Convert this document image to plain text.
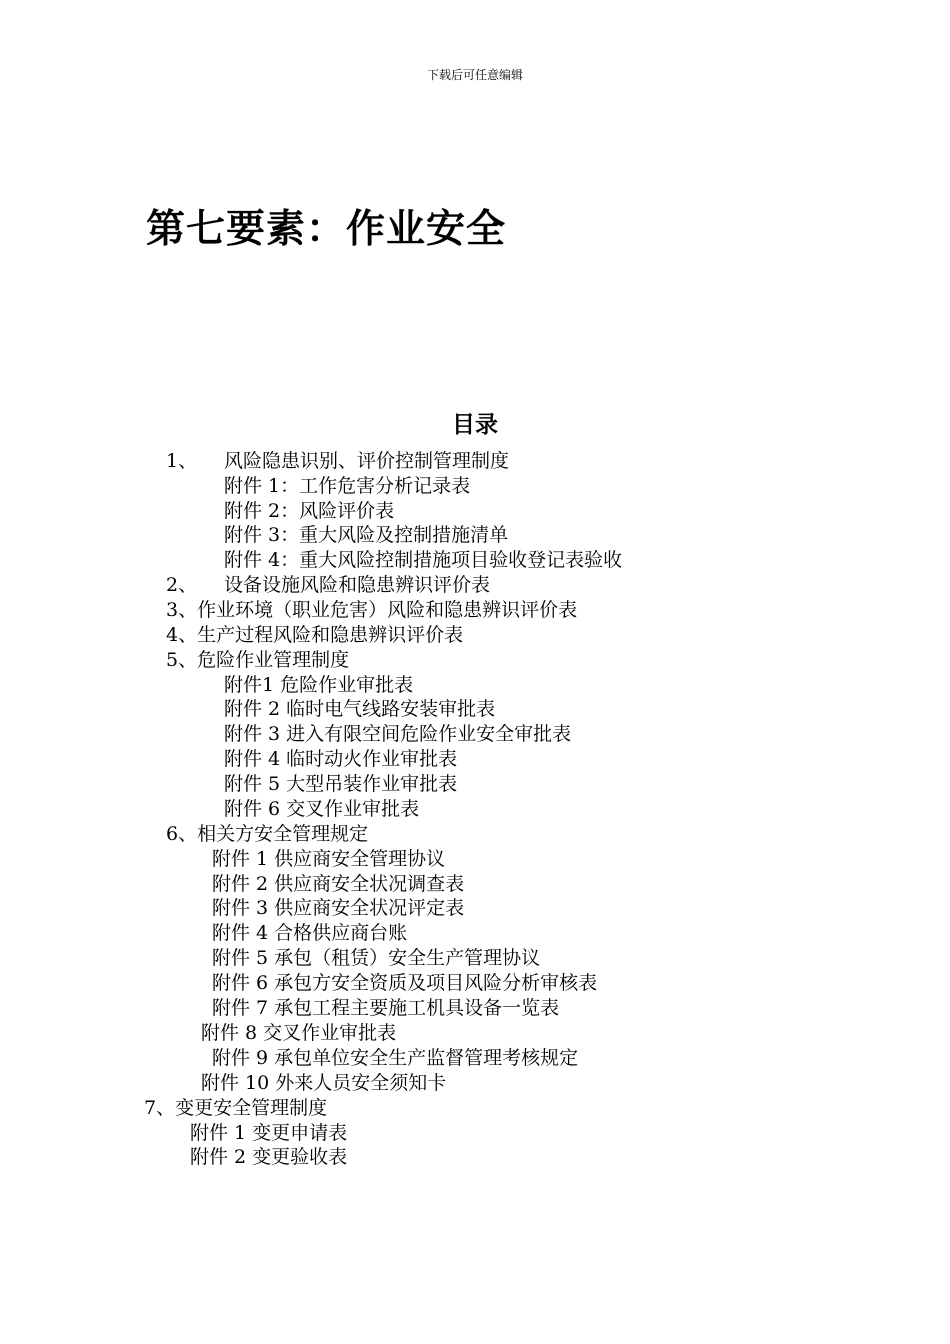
下载后可任意编辑
第七要素：作业安全
目录
1、 风险隐患识别、评价控制管理制度
附件 1：工作危害分析记录表
附件 2：风险评价表
附件 3：重大风险及控制措施清单
附件 4：重大风险控制措施项目验收登记表验收
2、 设备设施风险和隐患辨识评价表
3、作业环境（职业危害）风险和隐患辨识评价表
4、生产过程风险和隐患辨识评价表
5、危险作业管理制度
附件1 危险作业审批表
附件 2 临时电气线路安装审批表
附件 3 进入有限空间危险作业安全审批表
附件 4 临时动火作业审批表
附件 5 大型吊装作业审批表
附件 6 交叉作业审批表
6、相关方安全管理规定
附件 1 供应商安全管理协议
附件 2 供应商安全状况调查表
附件 3 供应商安全状况评定表
附件 4 合格供应商台账
附件 5 承包（租赁）安全生产管理协议
附件 6 承包方安全资质及项目风险分析审核表
附件 7 承包工程主要施工机具设备一览表
附件 8 交叉作业审批表
附件 9 承包单位安全生产监督管理考核规定
附件 10 外来人员安全须知卡
7、变更安全管理制度
附件 1 变更申请表
附件 2 变更验收表
